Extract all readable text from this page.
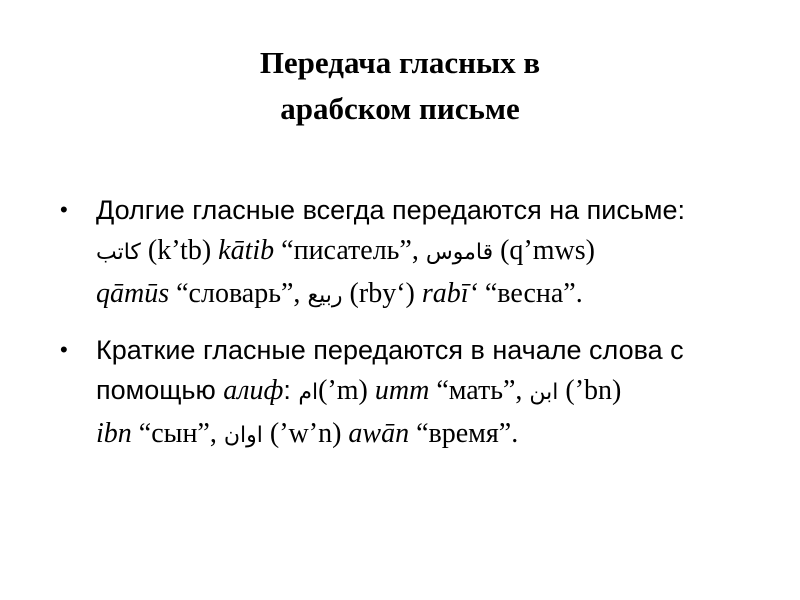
Передача гласных в
арабском письме
• Долгие гласные всегда передаются на письме:
كاتب (k’tb) kātib “писатель”, قاموس (q’mws)
qāmūs “словарь”, ربيع (rby‘) rabī‘ “весна”.
• Краткие гласные передаются в начале слова с
помощью алиф: ام(’m) umm “мать”, ابن (’bn)
ibn “сын”, اوان (’w’n) awān “время”.
